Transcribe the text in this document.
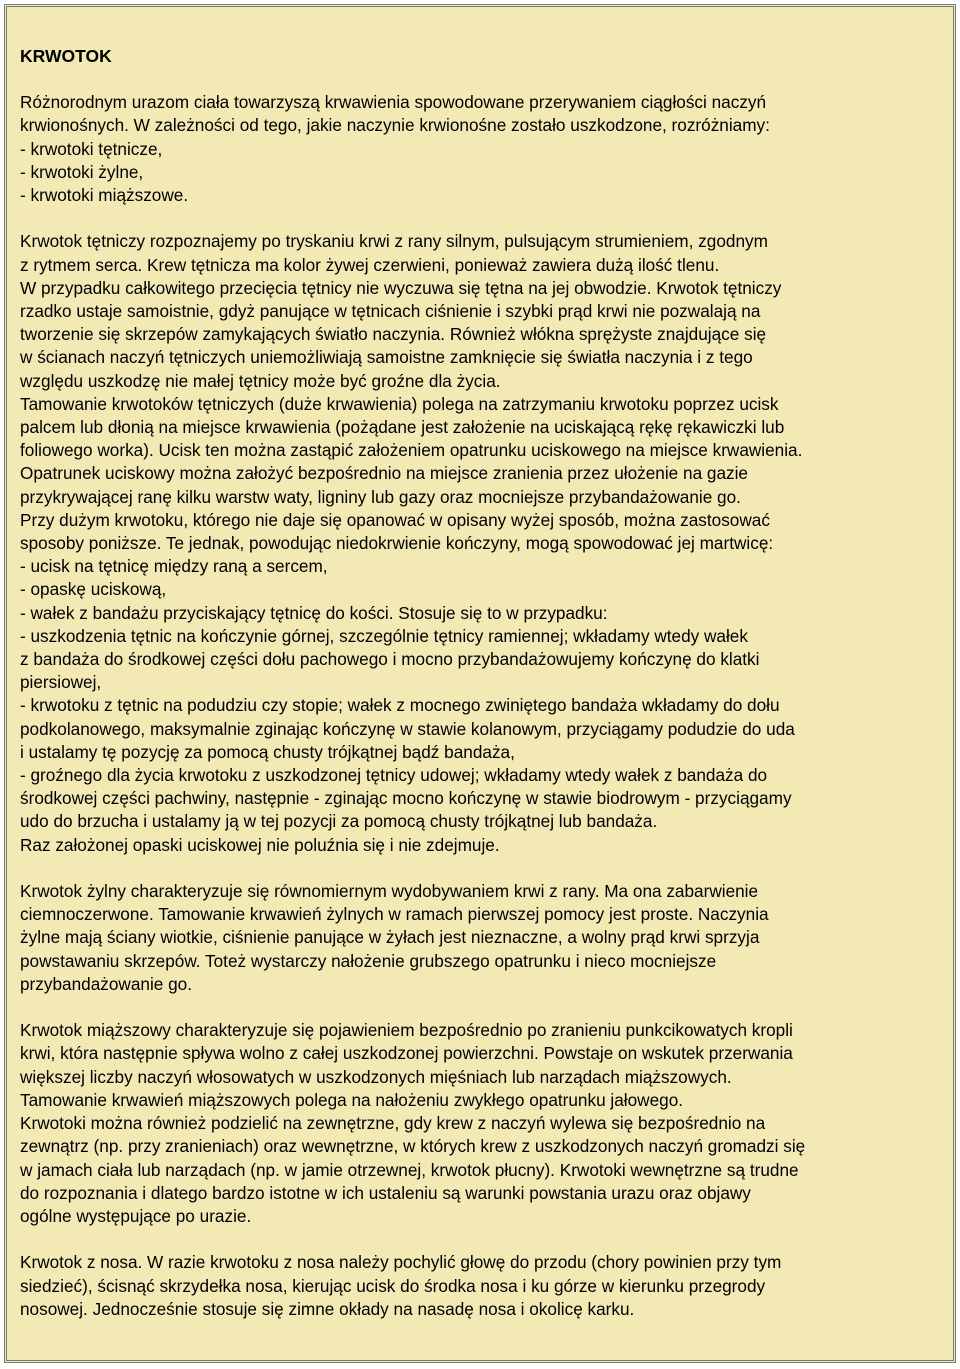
KRWOTOK
Różnorodnym urazom ciała towarzyszą krwawienia spowodowane przerywaniem ciągłości naczyń
krwionośnych. W zależności od tego, jakie naczynie krwionośne zostało uszkodzone, rozróżniamy:
- krwotoki tętnicze,
- krwotoki żylne,
- krwotoki miąższowe.
Krwotok tętniczy rozpoznajemy po tryskaniu krwi z rany silnym, pulsującym strumieniem, zgodnym
z rytmem serca. Krew tętnicza ma kolor żywej czerwieni, ponieważ zawiera dużą ilość tlenu.
W przypadku całkowitego przecięcia tętnicy nie wyczuwa się tętna na jej obwodzie. Krwotok tętniczy
rzadko ustaje samoistnie, gdyż panujące w tętnicach ciśnienie i szybki prąd krwi nie pozwalają na
tworzenie się skrzepów zamykających światło naczynia. Również włókna sprężyste znajdujące się
w ścianach naczyń tętniczych uniemożliwiają samoistne zamknięcie się światła naczynia i z tego
względu uszkodzę nie małej tętnicy może być groźne dla życia.
Tamowanie krwotoków tętniczych (duże krwawienia) polega na zatrzymaniu krwotoku poprzez ucisk
palcem lub dłonią na miejsce krwawienia (pożądane jest założenie na uciskającą rękę rękawiczki lub
foliowego worka). Ucisk ten można zastąpić założeniem opatrunku uciskowego na miejsce krwawienia.
Opatrunek uciskowy można założyć bezpośrednio na miejsce zranienia przez ułożenie na gazie
przykrywającej ranę kilku warstw waty, ligniny lub gazy oraz mocniejsze przybandażowanie go.
Przy dużym krwotoku, którego nie daje się opanować w opisany wyżej sposób, można zastosować
sposoby poniższe. Te jednak, powodując niedokrwienie kończyny, mogą spowodować jej martwicę:
- ucisk na tętnicę między raną a sercem,
- opaskę uciskową,
- wałek z bandażu przyciskający tętnicę do kości. Stosuje się to w przypadku:
- uszkodzenia tętnic na kończynie górnej, szczególnie tętnicy ramiennej; wkładamy wtedy wałek
z bandaża do środkowej części dołu pachowego i mocno przybandażowujemy kończynę do klatki
piersiowej,
- krwotoku z tętnic na podudziu czy stopie; wałek z mocnego zwiniętego bandaża wkładamy do dołu
podkolanowego, maksymalnie zginając kończynę w stawie kolanowym, przyciągamy podudzie do uda
i ustalamy tę pozycję za pomocą chusty trójkątnej bądź bandaża,
- groźnego dla życia krwotoku z uszkodzonej tętnicy udowej; wkładamy wtedy wałek z bandaża do
środkowej części pachwiny, następnie - zginając mocno kończynę w stawie biodrowym - przyciągamy
udo do brzucha i ustalamy ją w tej pozycji za pomocą chusty trójkątnej lub bandaża.
Raz założonej opaski uciskowej nie poluźnia się i nie zdejmuje.
Krwotok żylny charakteryzuje się równomiernym wydobywaniem krwi z rany. Ma ona zabarwienie
ciemnoczerwone. Tamowanie krwawień żylnych w ramach pierwszej pomocy jest proste. Naczynia
żylne mają ściany wiotkie, ciśnienie panujące w żyłach jest nieznaczne, a wolny prąd krwi sprzyja
powstawaniu skrzepów. Toteż wystarczy nałożenie grubszego opatrunku i nieco mocniejsze
przybandażowanie go.
Krwotok miąższowy charakteryzuje się pojawieniem bezpośrednio po zranieniu punkcikowatych kropli
krwi, która następnie spływa wolno z całej uszkodzonej powierzchni. Powstaje on wskutek przerwania
większej liczby naczyń włosowatych w uszkodzonych mięśniach lub narządach miąższowych.
Tamowanie krwawień miąższowych polega na nałożeniu zwykłego opatrunku jałowego.
Krwotoki można również podzielić na zewnętrzne, gdy krew z naczyń wylewa się bezpośrednio na
zewnątrz (np. przy zranieniach) oraz wewnętrzne, w których krew z uszkodzonych naczyń gromadzi się
w jamach ciała lub narządach (np. w jamie otrzewnej, krwotok płucny). Krwotoki wewnętrzne są trudne
do rozpoznania i dlatego bardzo istotne w ich ustaleniu są warunki powstania urazu oraz objawy
ogólne występujące po urazie.
Krwotok z nosa. W razie krwotoku z nosa należy pochylić głowę do przodu (chory powinien przy tym
siedzieć), ścisnąć skrzydełka nosa, kierując ucisk do środka nosa i ku górze w kierunku przegrody
nosowej. Jednocześnie stosuje się zimne okłady na nasadę nosa i okolicę karku.
